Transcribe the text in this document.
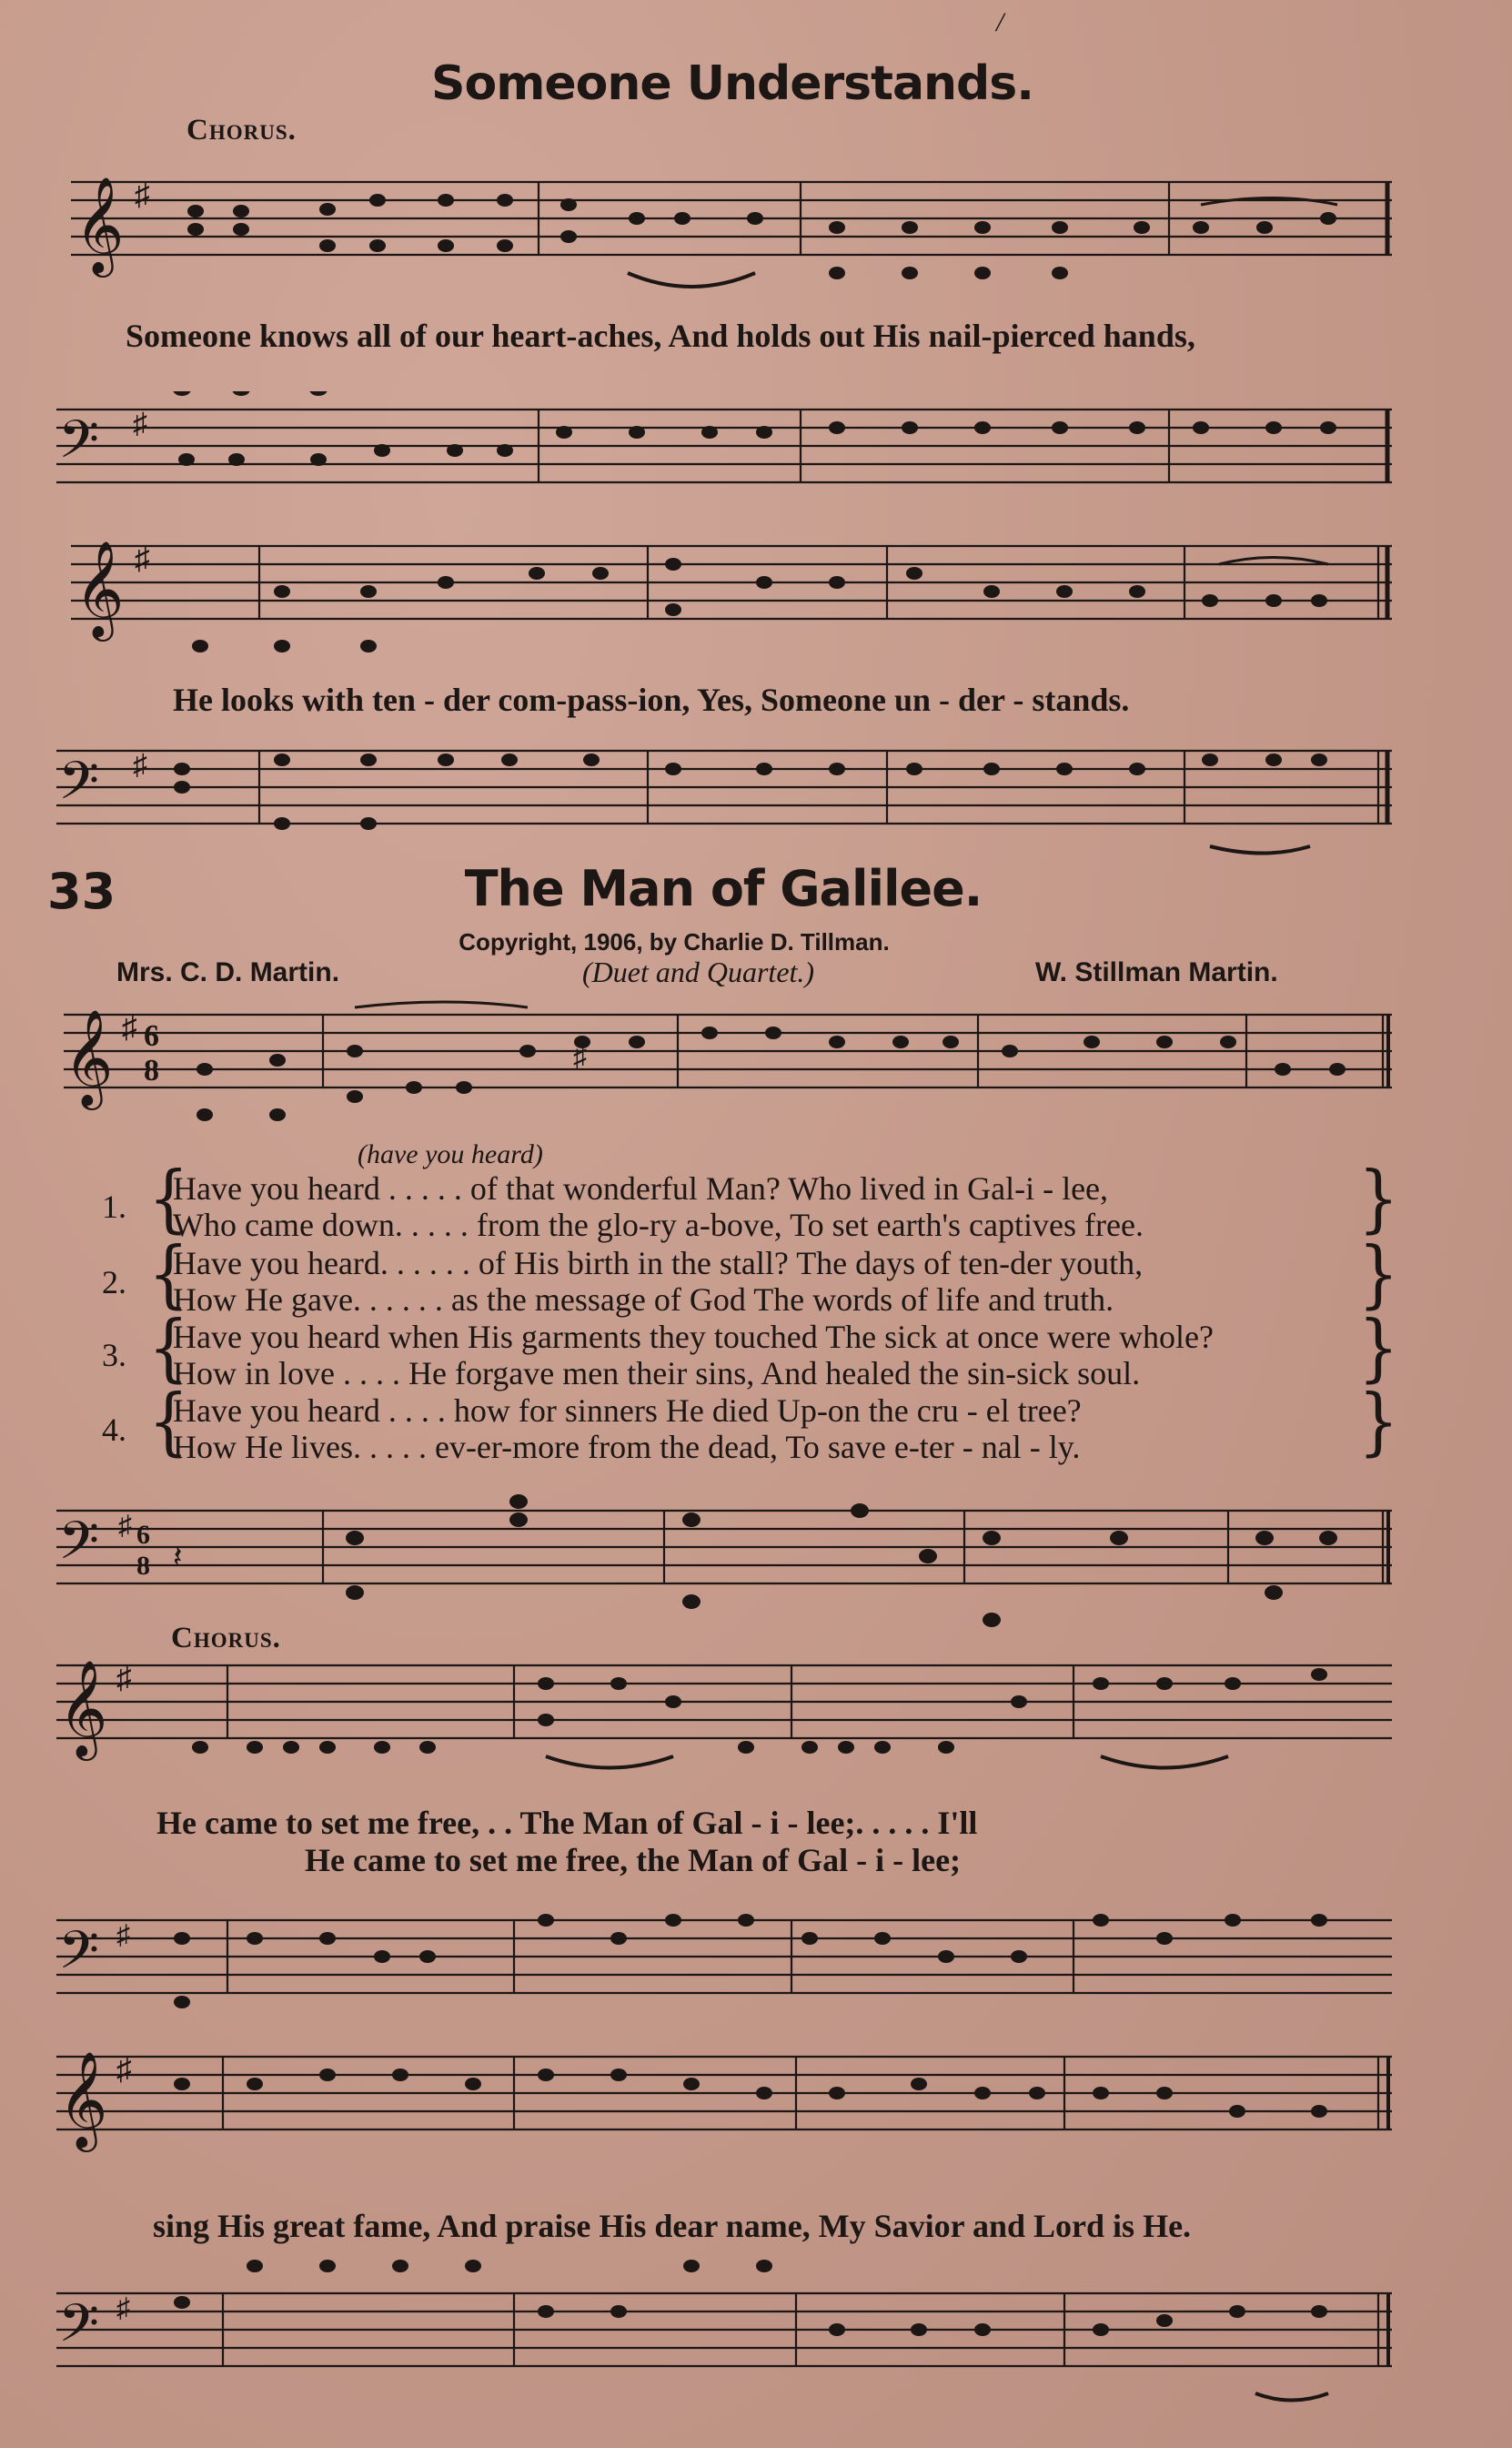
/
Someone Understands.
Chorus.
𝄞 ♯
Someone knows all of our heart-aches, And holds out His nail-pierced hands,
𝄢 ♯
𝄞 ♯
He looks with ten - der com-pass-ion, Yes, Someone un - der - stands.
𝄢 ♯
33	The Man of Galilee.
Copyright, 1906, by Charlie D. Tillman.
Mrs. C. D. Martin.	(Duet and Quartet.)	W. Stillman Martin.
𝄞 ♯ 6
8	♯
(have you heard)
{
1. Have you heard . . . . . of that wonderful Man? Who lived in Gal-i - lee,
Who came down. . . . . from the glo-ry a-bove, To set earth's captives free.	}
{
2.
Have you heard. . . . . . of His birth in the stall? The days of ten-der youth,
How He gave. . . . . . as the message of God The words of life and truth.	}
{
3. Have you heard when His garments they touched The sick at once were whole?
How in love . . . . He forgave men their sins, And healed the sin-sick soul.	}
{
4.
Have you heard . . . . how for sinners He died Up-on the cru - el tree?
How He lives. . . . . ev-er-more from the dead, To save e-ter - nal - ly.	}
𝄢 ♯ 6
8 𝄽
Chorus.
𝄞 ♯
He came to set me free, . . The Man of Gal - i - lee;. . . . . I'll
He came to set me free, the Man of Gal - i - lee;
𝄢 ♯
𝄞 ♯
sing His great fame, And praise His dear name, My Savior and Lord is He.
𝄢 ♯
